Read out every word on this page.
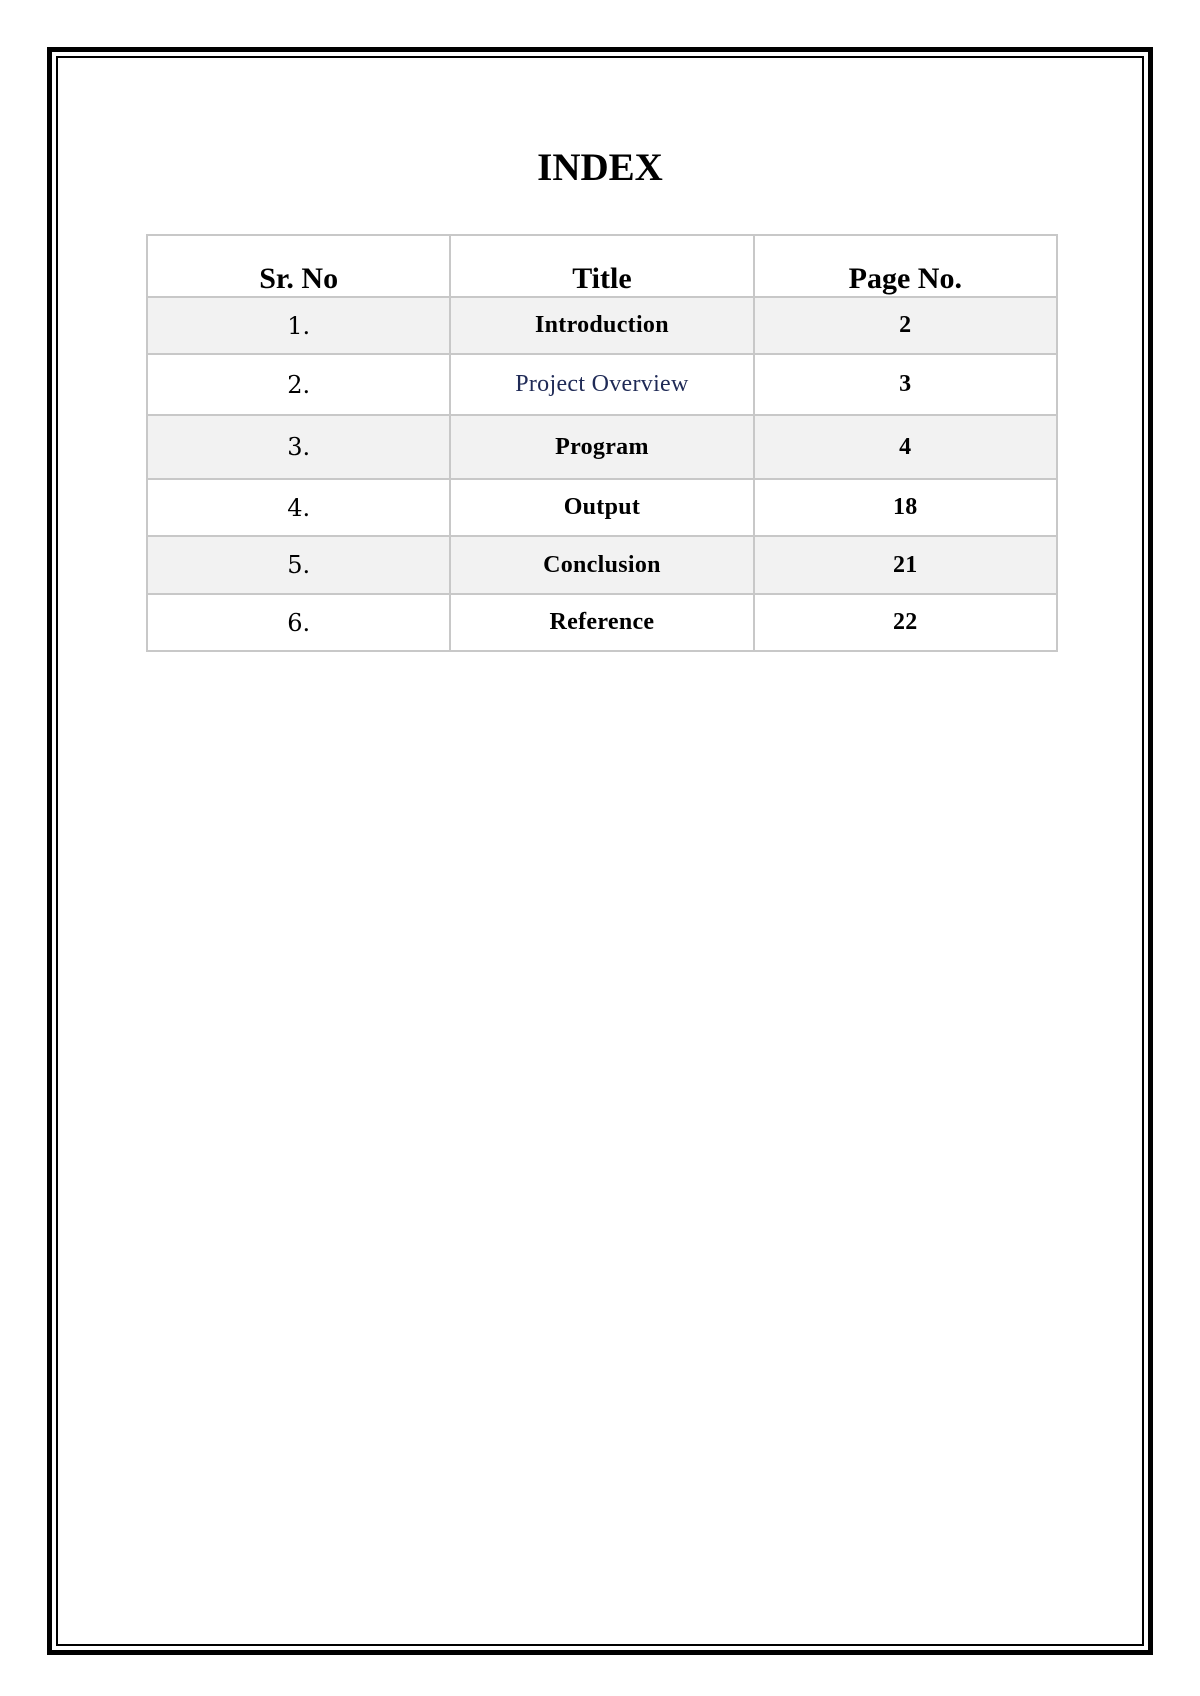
INDEX
Sr. No	Title	Page No.
1.	Introduction	2
2.	Project Overview	3
3.	Program	4
4.	Output	18
5.	Conclusion	21
6.	Reference	22
